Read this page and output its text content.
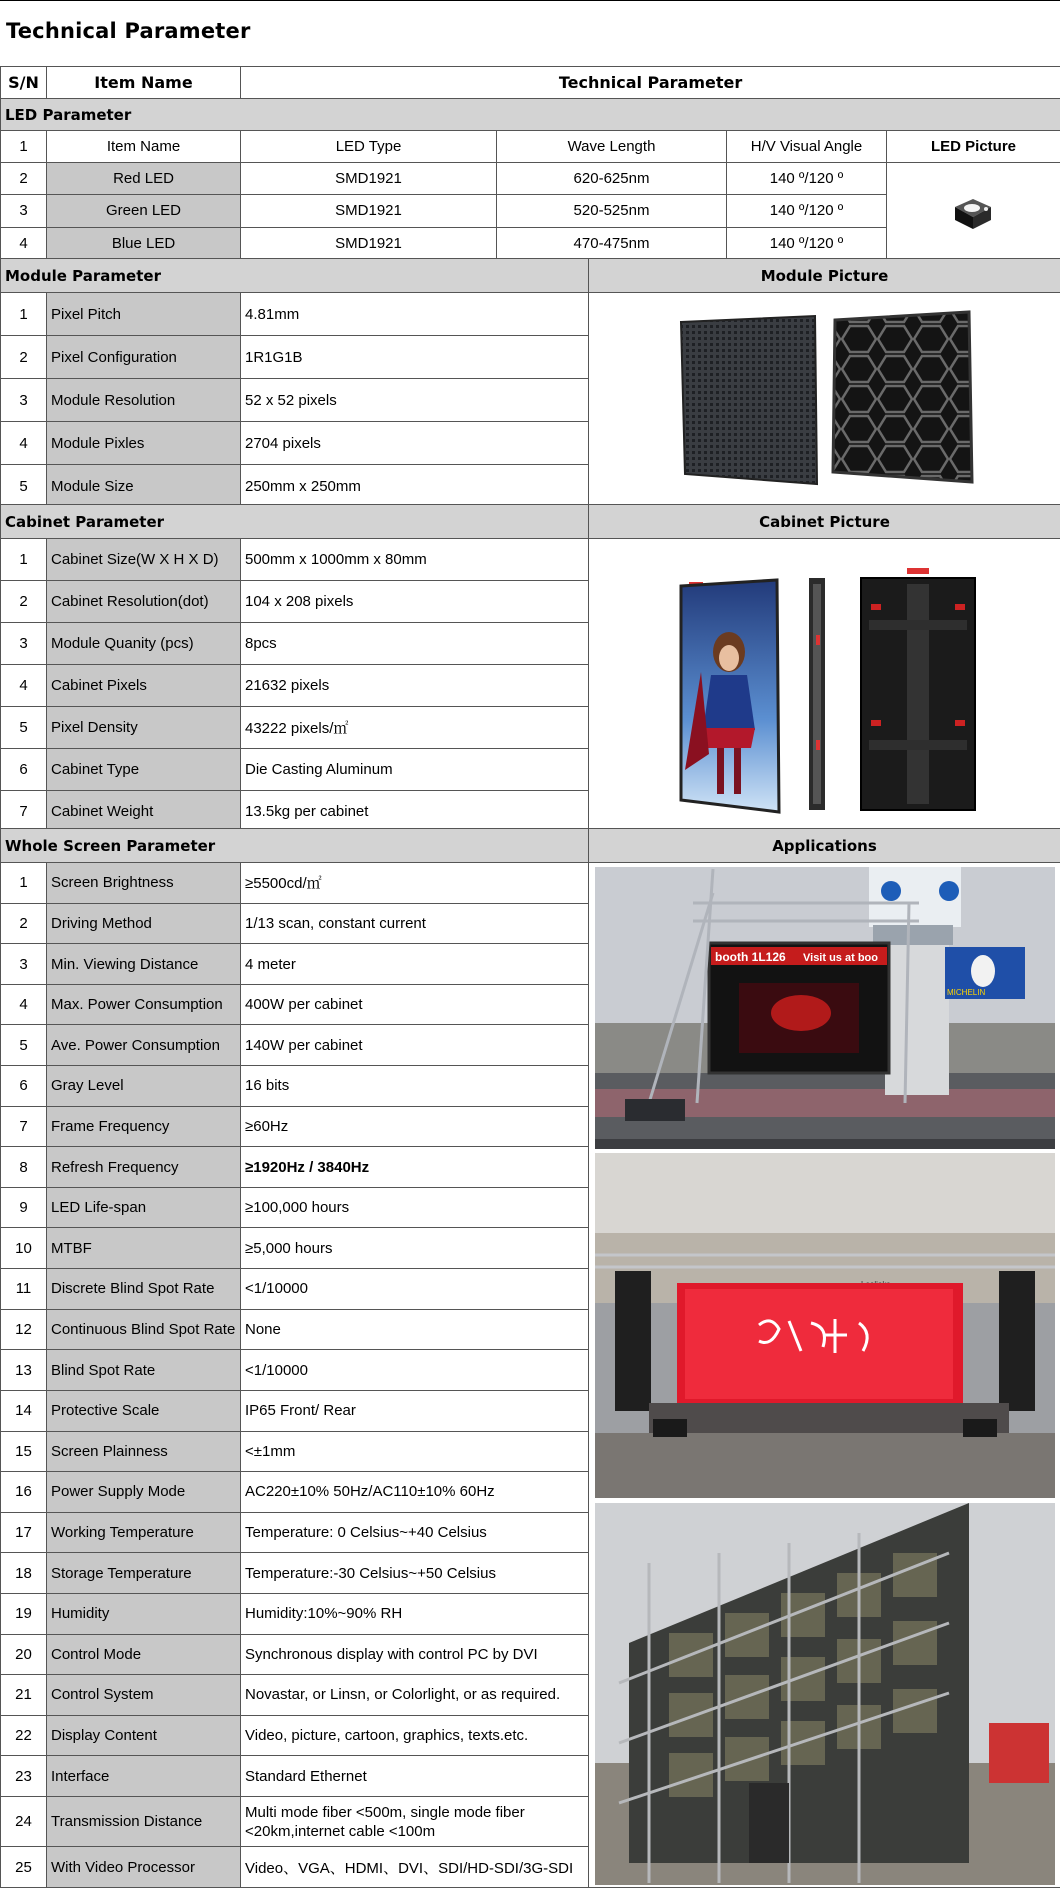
Technical Parameter
S/N	Item Name	Technical Parameter			
LED Parameter					
1	Item Name	LED Type	Wave Length	H/V Visual Angle	LED Picture
2	Red LED	SMD1921	620-625nm	140 º/120 º	

3	Green LED	SMD1921	520-525nm	140 º/120 º	
4	Blue LED	SMD1921	470-475nm	140 º/120 º	
Module Parameter			Module Picture
1	Pixel Pitch	4.81mm	

2	Pixel Configuration	1R1G1B	
3	Module Resolution	52 x 52 pixels	
4	Module Pixles	2704 pixels	
5	Module Size	250mm x 250mm	
Cabinet Parameter			Cabinet Picture
1	Cabinet Size(W X H X D)	500mm x 1000mm x 80mm	

2	Cabinet Resolution(dot)	104 x 208 pixels	
3	Module Quanity (pcs)	8pcs	
4	Cabinet Pixels	21632 pixels	
5	Pixel Density	43222 pixels/㎡	
6	Cabinet Type	Die Casting Aluminum	
7	Cabinet Weight	13.5kg per cabinet	
Whole Screen Parameter			Applications
1	Screen Brightness	≥5500cd/㎡	MICHELIN
booth 1L126 Visit us at boo

2	Driving Method	1/13 scan, constant current	
3	Min. Viewing Distance	4 meter	
4	Max. Power Consumption	400W per cabinet	
5	Ave. Power Consumption	140W per cabinet	
6	Gray Level	16 bits	
7	Frame Frequency	≥60Hz	
8	Refresh Frequency	≥1920Hz / 3840Hz	
9	LED Life-span	≥100,000 hours	
10	MTBF	≥5,000 hours	
11	Discrete Blind Spot Rate	<1/10000	
12	Continuous Blind Spot Rate	None	
13	Blind Spot Rate	<1/10000	
14	Protective Scale	IP65 Front/ Rear	
15	Screen Plainness	<±1mm	
16	Power Supply Mode	AC220±10% 50Hz/AC110±10% 60Hz	
17	Working Temperature	Temperature: 0 Celsius~+40 Celsius	
18	Storage Temperature	Temperature:-30 Celsius~+50 Celsius	
19	Humidity	Humidity:10%~90% RH	
20	Control Mode	Synchronous display with control PC by DVI	
21	Control System	Novastar, or Linsn, or Colorlight, or as required.	
22	Display Content	Video, picture, cartoon, graphics, texts.etc.	
23	Interface	Standard Ethernet	
24	Transmission Distance	Multi mode fiber <500m, single mode fiber <20km,internet cable <100m	
25	With Video Processor	Video、VGA、HDMI、DVI、SDI/HD-SDI/3G-SDI	
